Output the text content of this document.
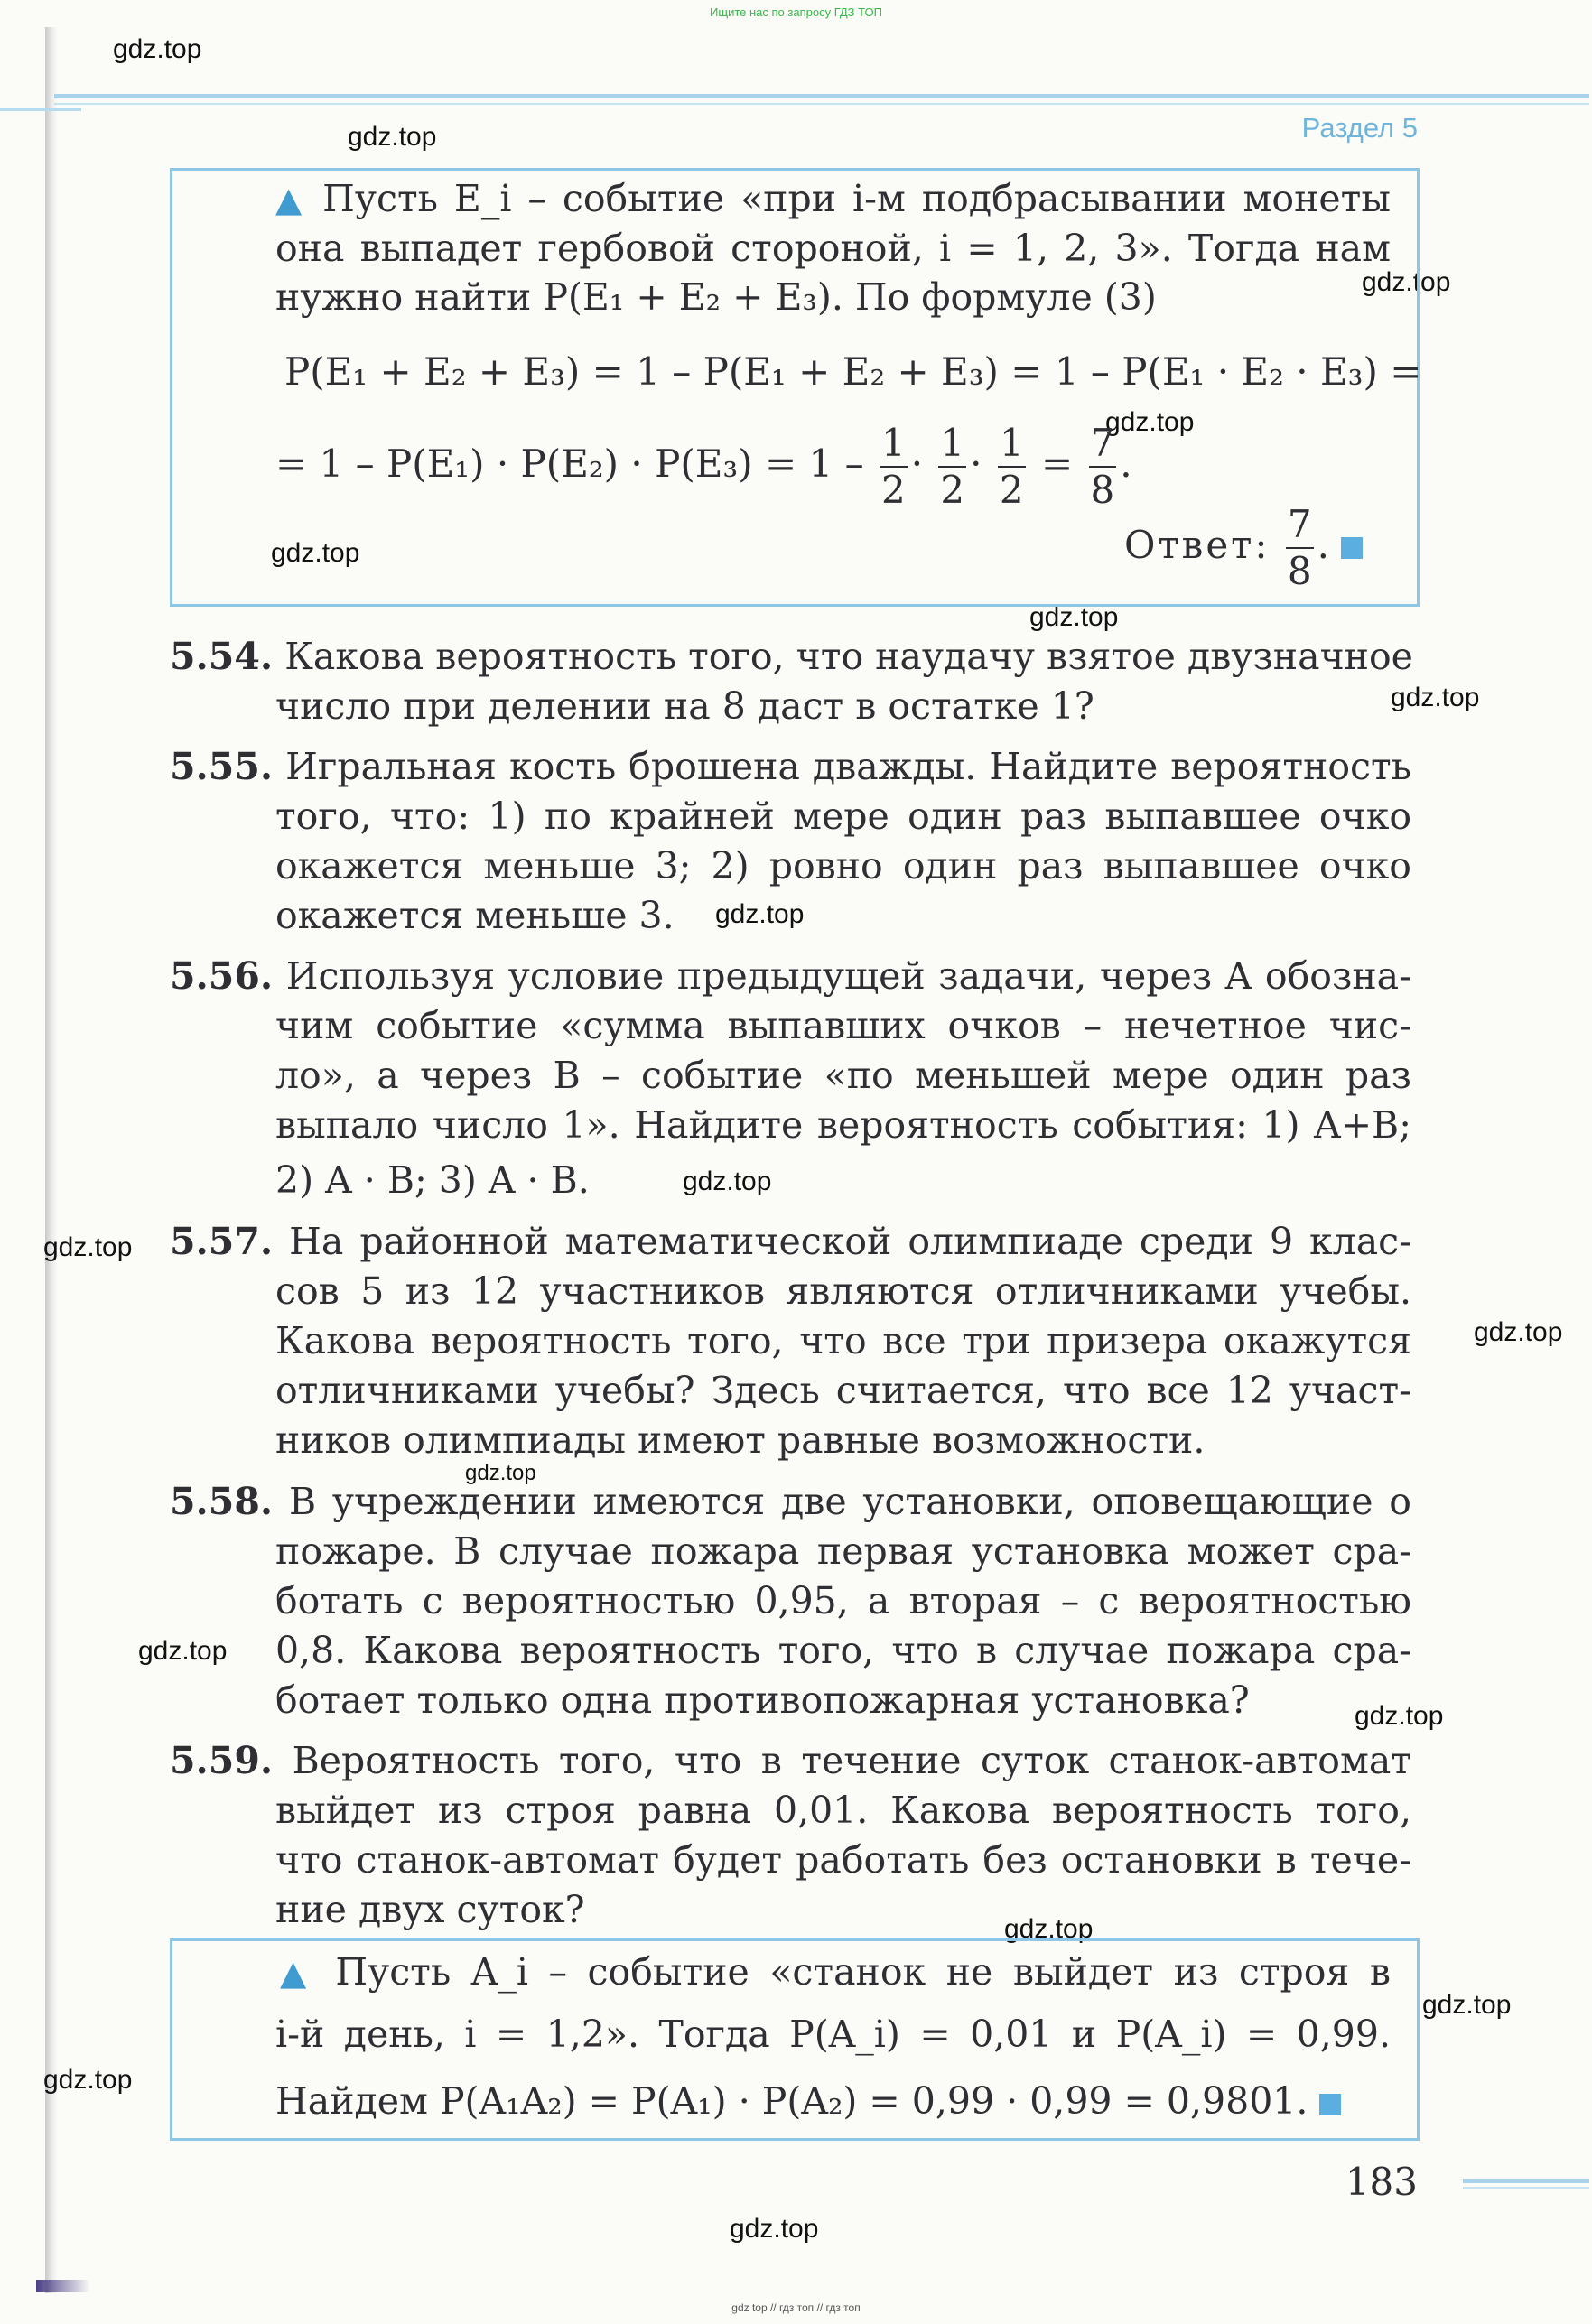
Ищите нас по запросу ГДЗ ТОП
Раздел 5
gdz.top
gdz.top
gdz.top
gdz.top
gdz.top
gdz.top
gdz.top
gdz.top
gdz.top
gdz.top
gdz.top
gdz.top
gdz.top
gdz.top
gdz.top
gdz.top
gdz.top
gdz.top
▲ Пусть E_i – событие «при i-м подбрасывании монеты
она выпадет гербовой стороной, i = 1, 2, 3». Тогда нам
нужно найти P(E₁ + E₂ + E₃). По формуле (3)
P(E₁ + E₂ + E₃) = 1 – P(E₁ + E₂ + E₃) = 1 – P(E₁ · E₂ · E₃) =
= $1 - P(E_1) \cdot P(E_2) \cdot P(E_3) = 1 - \frac{1}{2} \cdot \frac{1}{2} \cdot \frac{1}{2} = \frac{7}{8}$ .
Ответ: $\frac{7}{8}$ .
5.54. Какова вероятность того, что наудачу взятое двузначное
число при делении на 8 даст в остатке 1?
5.55. Игральная кость брошена дважды. Найдите вероятность
того, что: 1) по крайней мере один раз выпавшее очко
окажется меньше 3; 2) ровно один раз выпавшее очко
окажется меньше 3.
5.56. Используя условие предыдущей задачи, через A обозна-
чим событие «сумма выпавших очков – нечетное чис-
ло», а через B – событие «по меньшей мере один раз
выпало число 1». Найдите вероятность события: 1) A+B;
2) A · B; 3) A · B.
5.57. На районной математической олимпиаде среди 9 клас-
сов 5 из 12 участников являются отличниками учебы.
Какова вероятность того, что все три призера окажутся
отличниками учебы? Здесь считается, что все 12 участ-
ников олимпиады имеют равные возможности.
5.58. В учреждении имеются две установки, оповещающие о
пожаре. В случае пожара первая установка может сра-
ботать с вероятностью 0,95, а вторая – с вероятностью
0,8. Какова вероятность того, что в случае пожара сра-
ботает только одна противопожарная установка?
5.59. Вероятность того, что в течение суток станок-автомат
выйдет из строя равна 0,01. Какова вероятность того,
что станок-автомат будет работать без остановки в тече-
ние двух суток?
▲ Пусть A_i – событие «станок не выйдет из строя в
i-й день, i = 1,2». Тогда P(A_i) = 0,01 и P(A_i) = 0,99.
Найдем P(A₁A₂) = P(A₁) · P(A₂) = 0,99 · 0,99 = 0,9801.
183
gdz top // гдз топ // гдз топ
